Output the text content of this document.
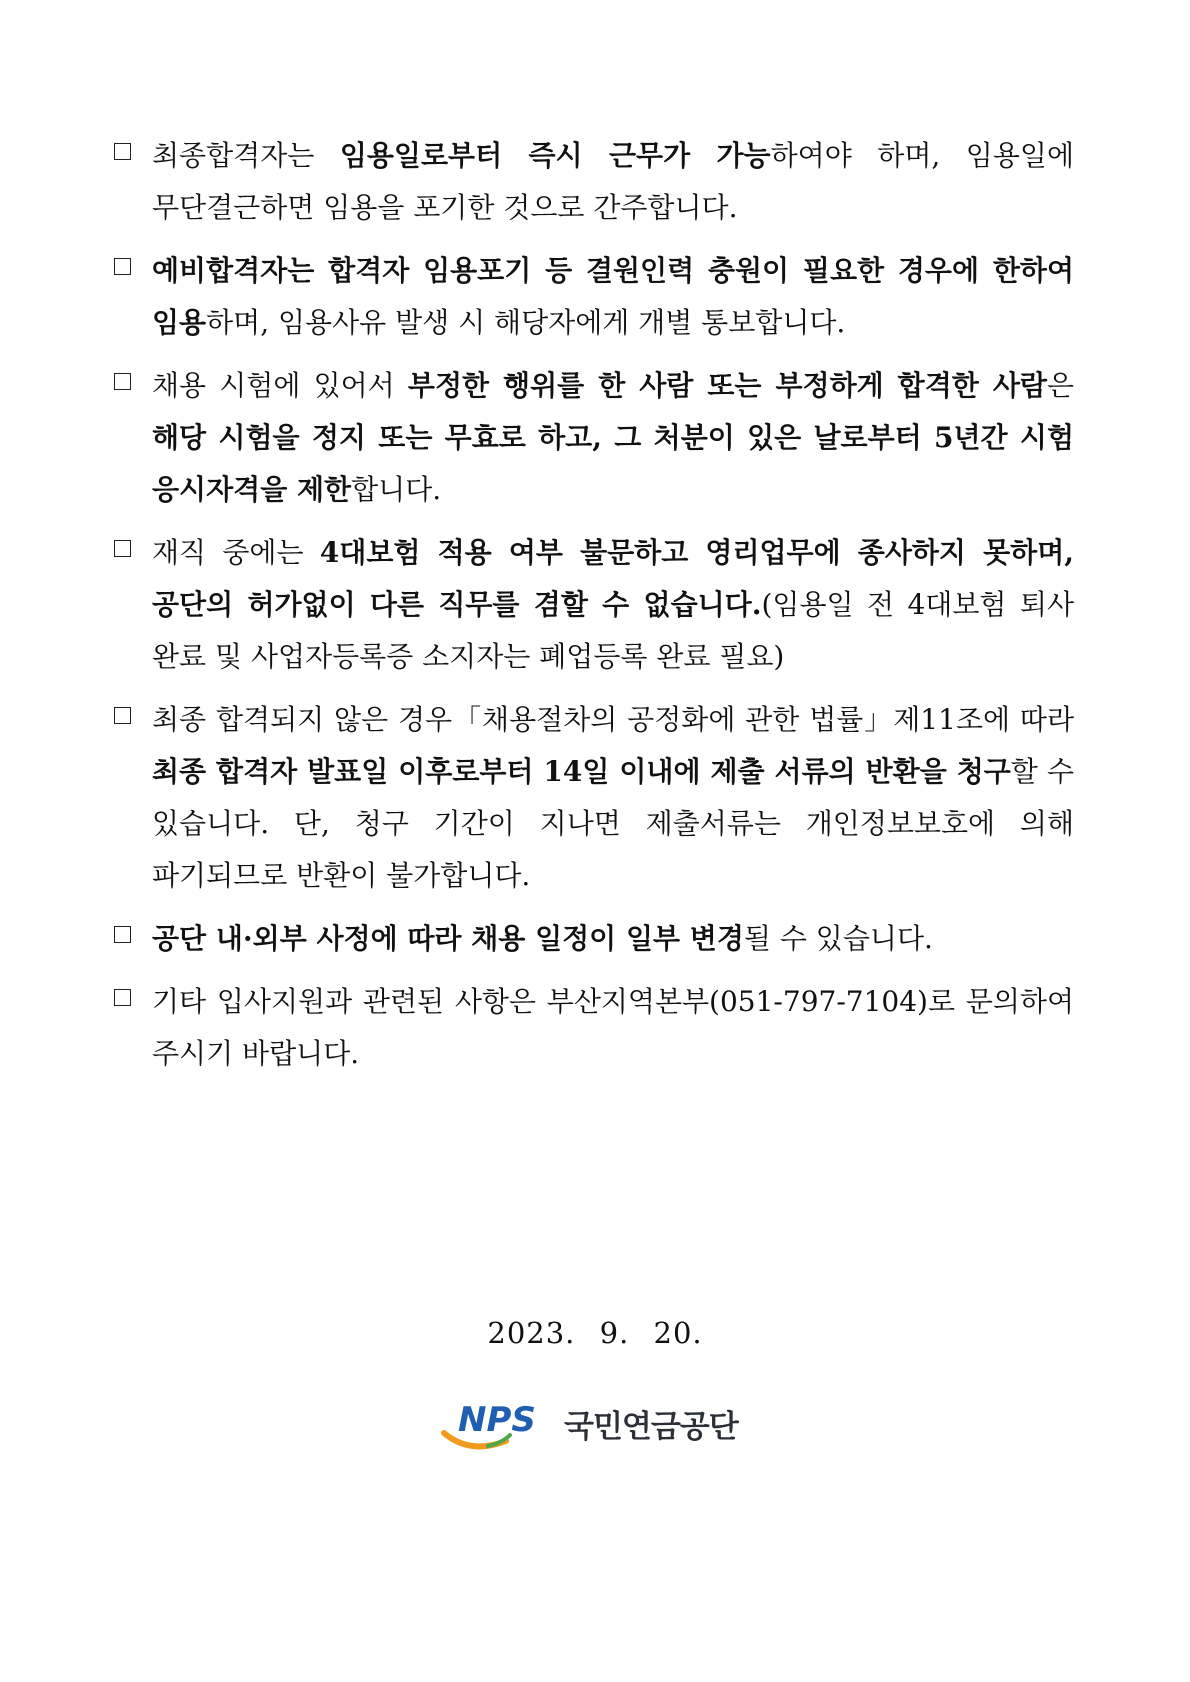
최종합격자는 임용일로부터 즉시 근무가 가능하여야 하며, 임용일에 무단결근하면 임용을 포기한 것으로 간주합니다.
예비합격자는 합격자 임용포기 등 결원인력 충원이 필요한 경우에 한하여 임용하며, 임용사유 발생 시 해당자에게 개별 통보합니다.
채용 시험에 있어서 부정한 행위를 한 사람 또는 부정하게 합격한 사람은 해당 시험을 정지 또는 무효로 하고, 그 처분이 있은 날로부터 5년간 시험 응시자격을 제한합니다.
재직 중에는 4대보험 적용 여부 불문하고 영리업무에 종사하지 못하며, 공단의 허가없이 다른 직무를 겸할 수 없습니다.(임용일 전 4대보험 퇴사 완료 및 사업자등록증 소지자는 폐업등록 완료 필요)
최종 합격되지 않은 경우「채용절차의 공정화에 관한 법률」제11조에 따라 최종 합격자 발표일 이후로부터 14일 이내에 제출 서류의 반환을 청구할 수 있습니다. 단, 청구 기간이 지나면 제출서류는 개인정보보호에 의해 파기되므로 반환이 불가합니다.
공단 내·외부 사정에 따라 채용 일정이 일부 변경될 수 있습니다.
기타 입사지원과 관련된 사항은 부산지역본부(051-797-7104)로 문의하여 주시기 바랍니다.
2023. 9. 20.
NPS 국민연금공단
